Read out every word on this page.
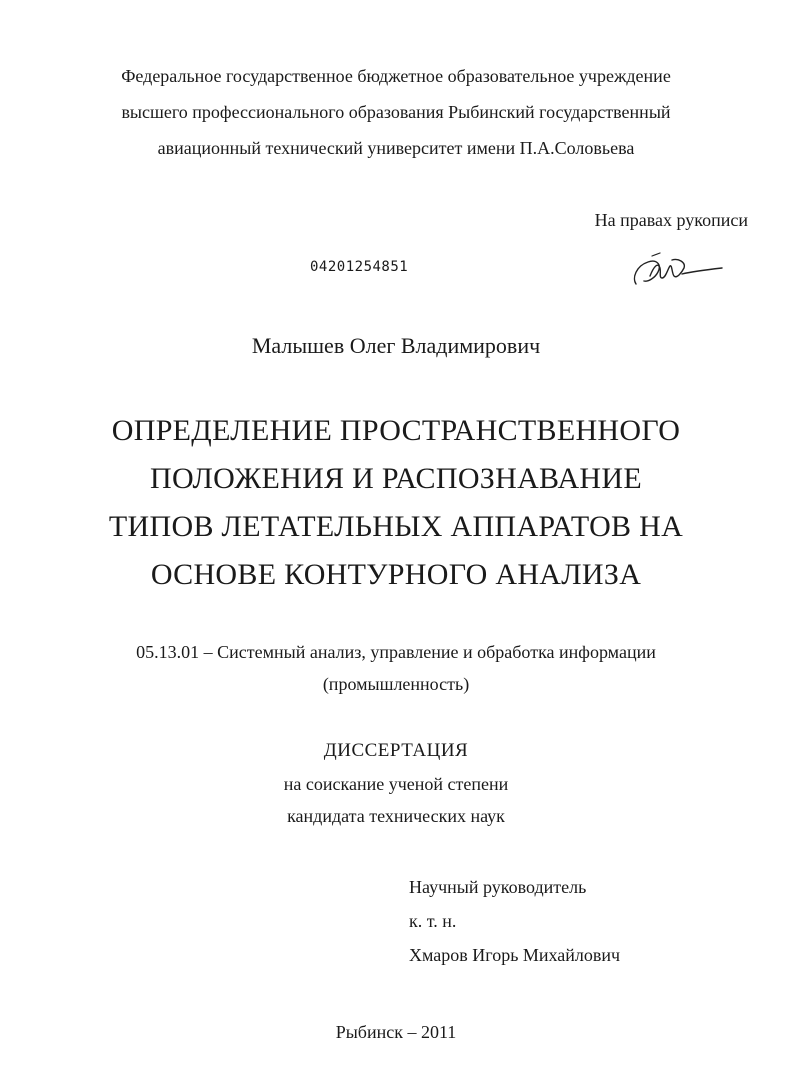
Федеральное государственное бюджетное образовательное учреждение
высшего профессионального образования Рыбинский государственный
авиационный технический университет имени П.А.Соловьева
На правах рукописи
04201254851
Малышев Олег Владимирович
ОПРЕДЕЛЕНИЕ ПРОСТРАНСТВЕННОГО
ПОЛОЖЕНИЯ И РАСПОЗНАВАНИЕ
ТИПОВ ЛЕТАТЕЛЬНЫХ АППАРАТОВ НА
ОСНОВЕ КОНТУРНОГО АНАЛИЗА
05.13.01 – Системный анализ, управление и обработка информации
(промышленность)
ДИССЕРТАЦИЯ
на соискание ученой степени
кандидата технических наук
Научный руководитель
к. т. н.
Хмаров Игорь Михайлович
Рыбинск – 2011
